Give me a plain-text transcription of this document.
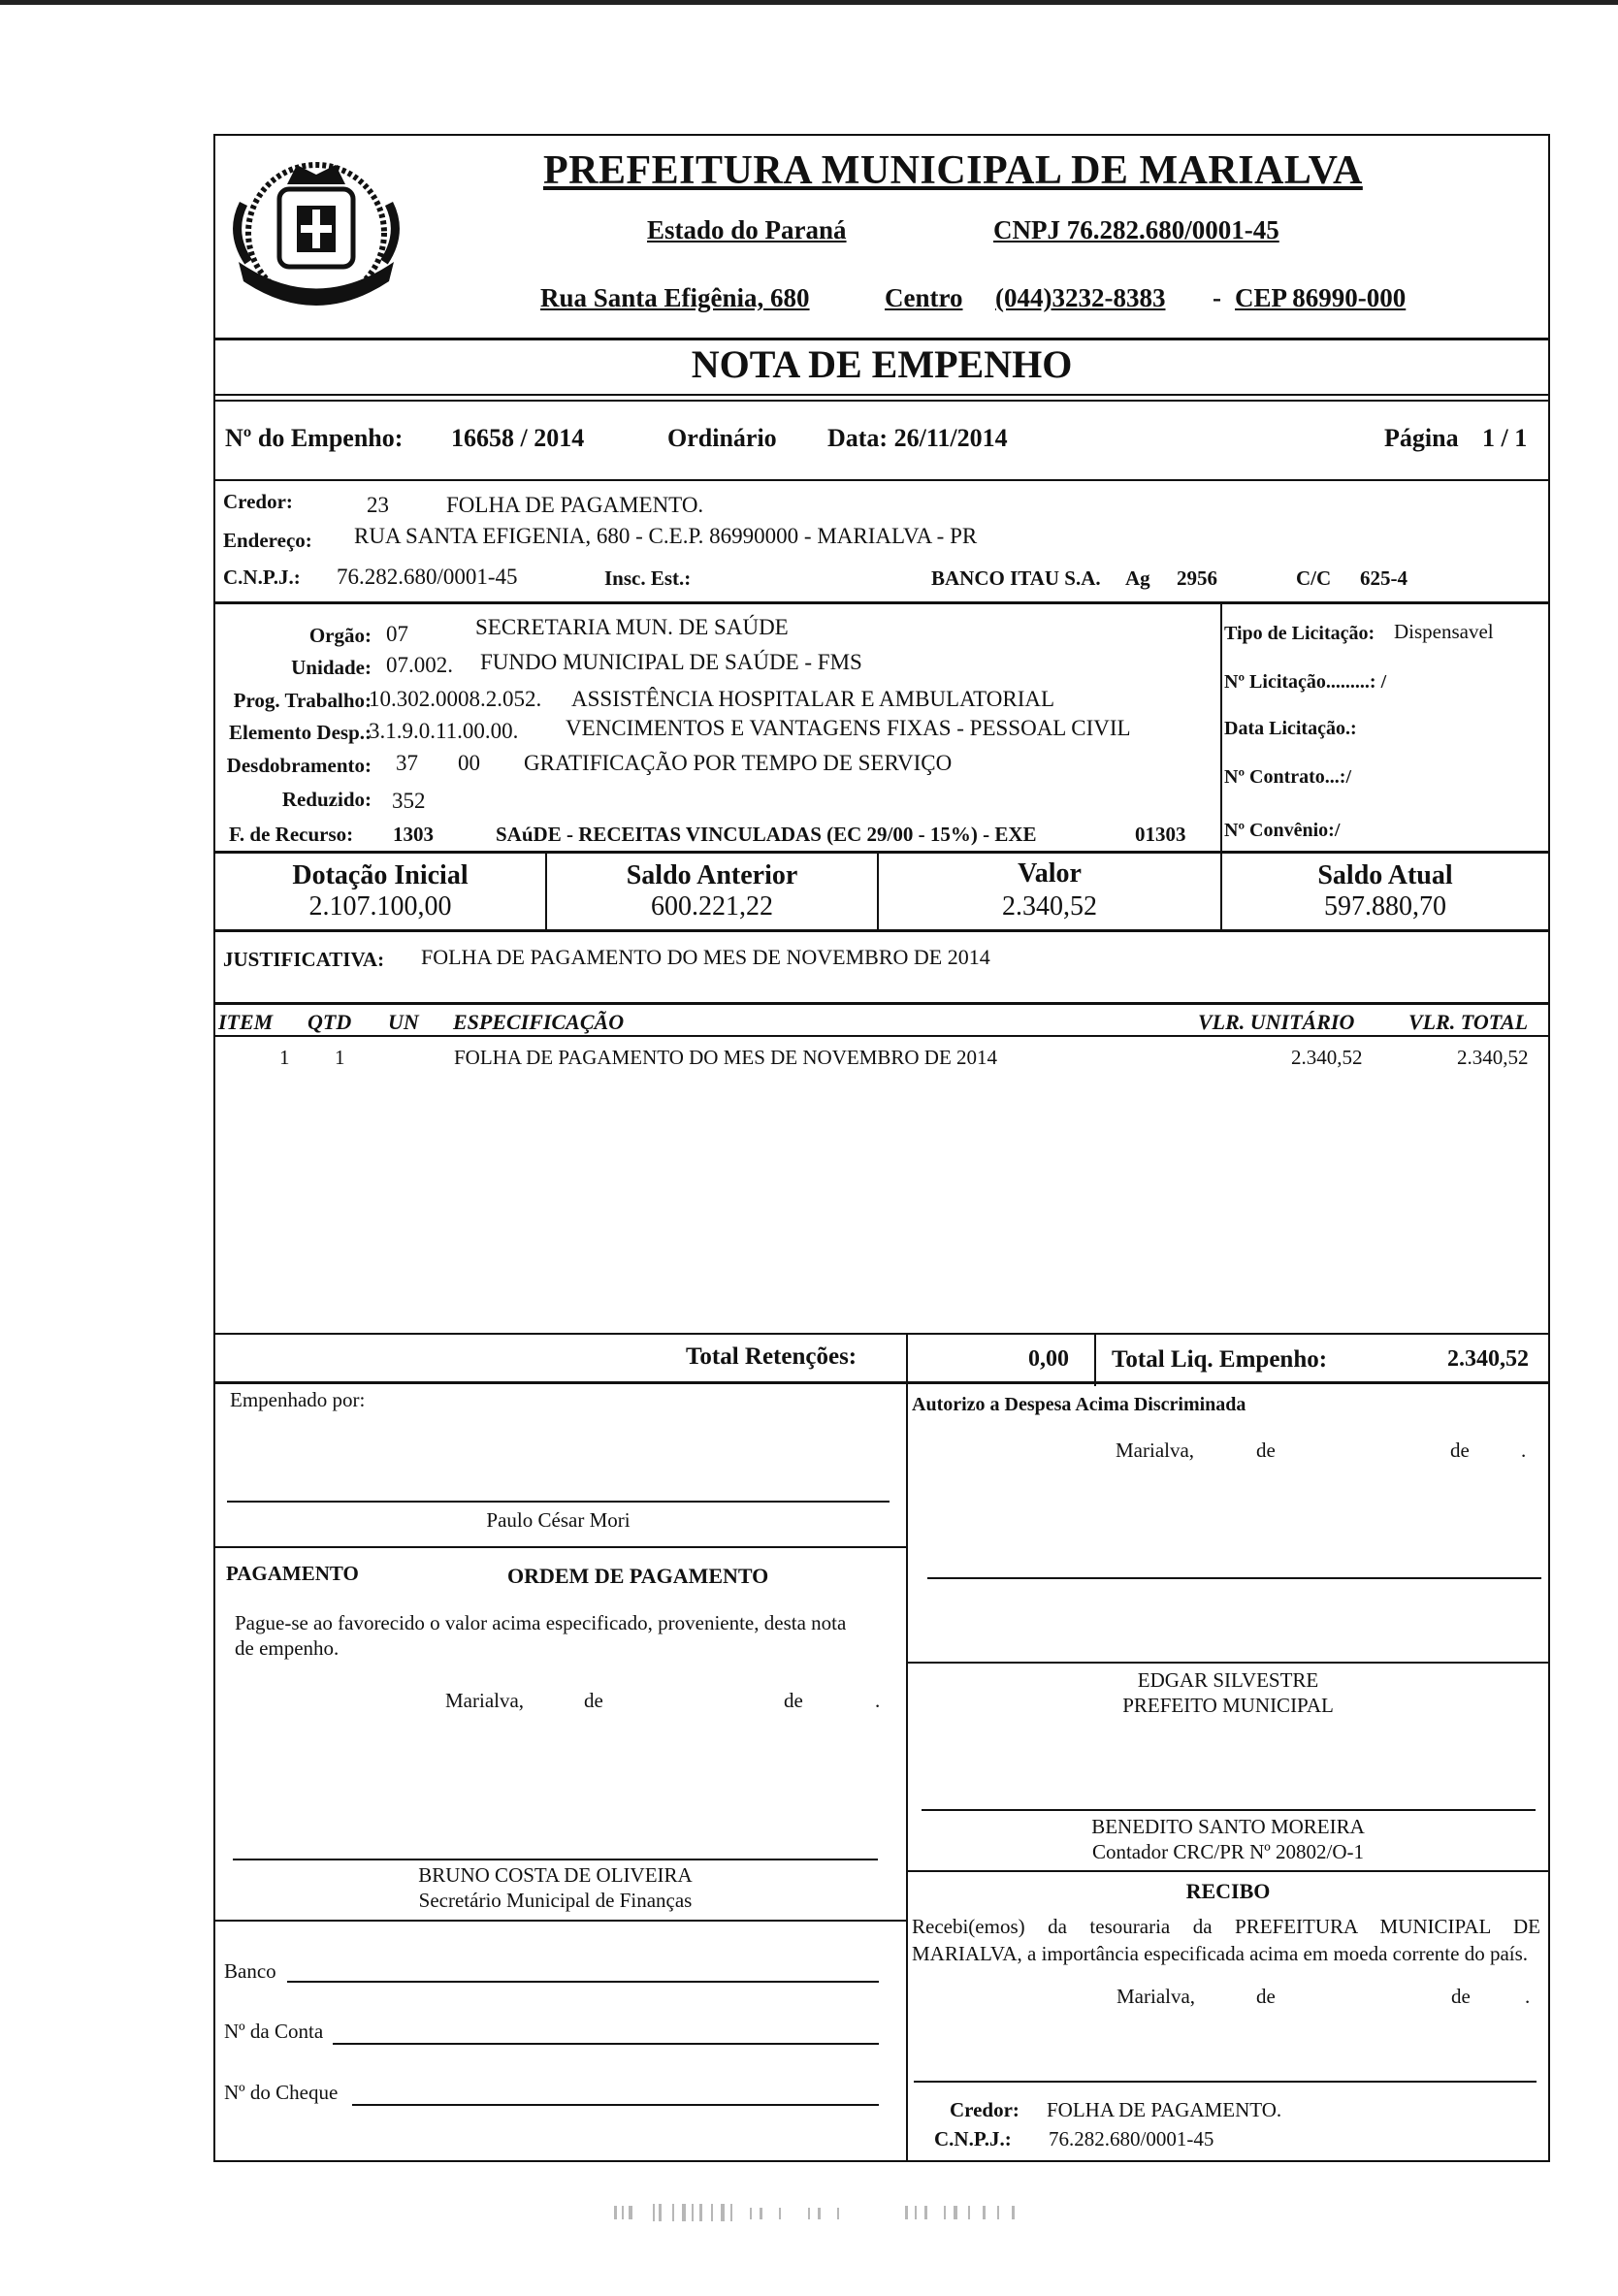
PREFEITURA MUNICIPAL DE MARIALVA
Estado do Paraná	CNPJ 76.282.680/0001-45
Rua Santa Efigênia, 680	Centro (044)3232-8383 - CEP 86990-000
NOTA DE EMPENHO
Nº do Empenho: 16658 / 2014	Ordinário Data: 26/11/2014	Página 1 / 1
Credor:	23	FOLHA DE PAGAMENTO.
Endereço: RUA SANTA EFIGENIA, 680 - C.E.P. 86990000 - MARIALVA - PR
C.N.P.J.: 76.282.680/0001-45	Insc. Est.:	BANCO ITAU S.A. Ag 2956	C/C 625-4
Orgão: 07	SECRETARIA MUN. DE SAÚDE
Unidade: 07.002. FUNDO MUNICIPAL DE SAÚDE - FMS
Prog. Trabalho:
10.302.0008.2.052. ASSISTÊNCIA HOSPITALAR E AMBULATORIAL
Elemento Desp.:
3.1.9.0.11.00.00. VENCIMENTOS E VANTAGENS FIXAS - PESSOAL CIVIL
Desdobramento: 37 00 GRATIFICAÇÃO POR TEMPO DE SERVIÇO
Reduzido: 352
F. de Recurso: 1303	SAúDE - RECEITAS VINCULADAS (EC 29/00 - 15%) - EXE	01303
Tipo de Licitação: Dispensavel
Nº Licitação.........: /
Data Licitação.:
Nº Contrato...:/
Nº Convênio:/
Dotação Inicial
2.107.100,00
Saldo Anterior
600.221,22
Valor
2.340,52
Saldo Atual
597.880,70
JUSTIFICATIVA: FOLHA DE PAGAMENTO DO MES DE NOVEMBRO DE 2014
ITEM QTD UN ESPECIFICAÇÃO	VLR. UNITÁRIO	VLR. TOTAL
1 1	FOLHA DE PAGAMENTO DO MES DE NOVEMBRO DE 2014	2.340,52	2.340,52
Total Retenções:	0,00 Total Liq. Empenho:	2.340,52
Empenhado por:
Paulo César Mori
Autorizo a Despesa Acima Discriminada
Marialva,	de	de	.
EDGAR SILVESTRE
PREFEITO MUNICIPAL
BENEDITO SANTO MOREIRA
Contador CRC/PR Nº 20802/O-1
RECIBO
Recebi(emos) da tesouraria da PREFEITURA MUNICIPAL DE MARIALVA, a importância especificada acima em moeda corrente do país.
Marialva,	de	de	.
Credor: FOLHA DE PAGAMENTO.
C.N.P.J.: 76.282.680/0001-45
PAGAMENTO	ORDEM DE PAGAMENTO
Pague-se ao favorecido o valor acima especificado, proveniente, desta nota de empenho.
Marialva,	de	de	.
BRUNO COSTA DE OLIVEIRA
Secretário Municipal de Finanças
Banco
Nº da Conta
Nº do Cheque
